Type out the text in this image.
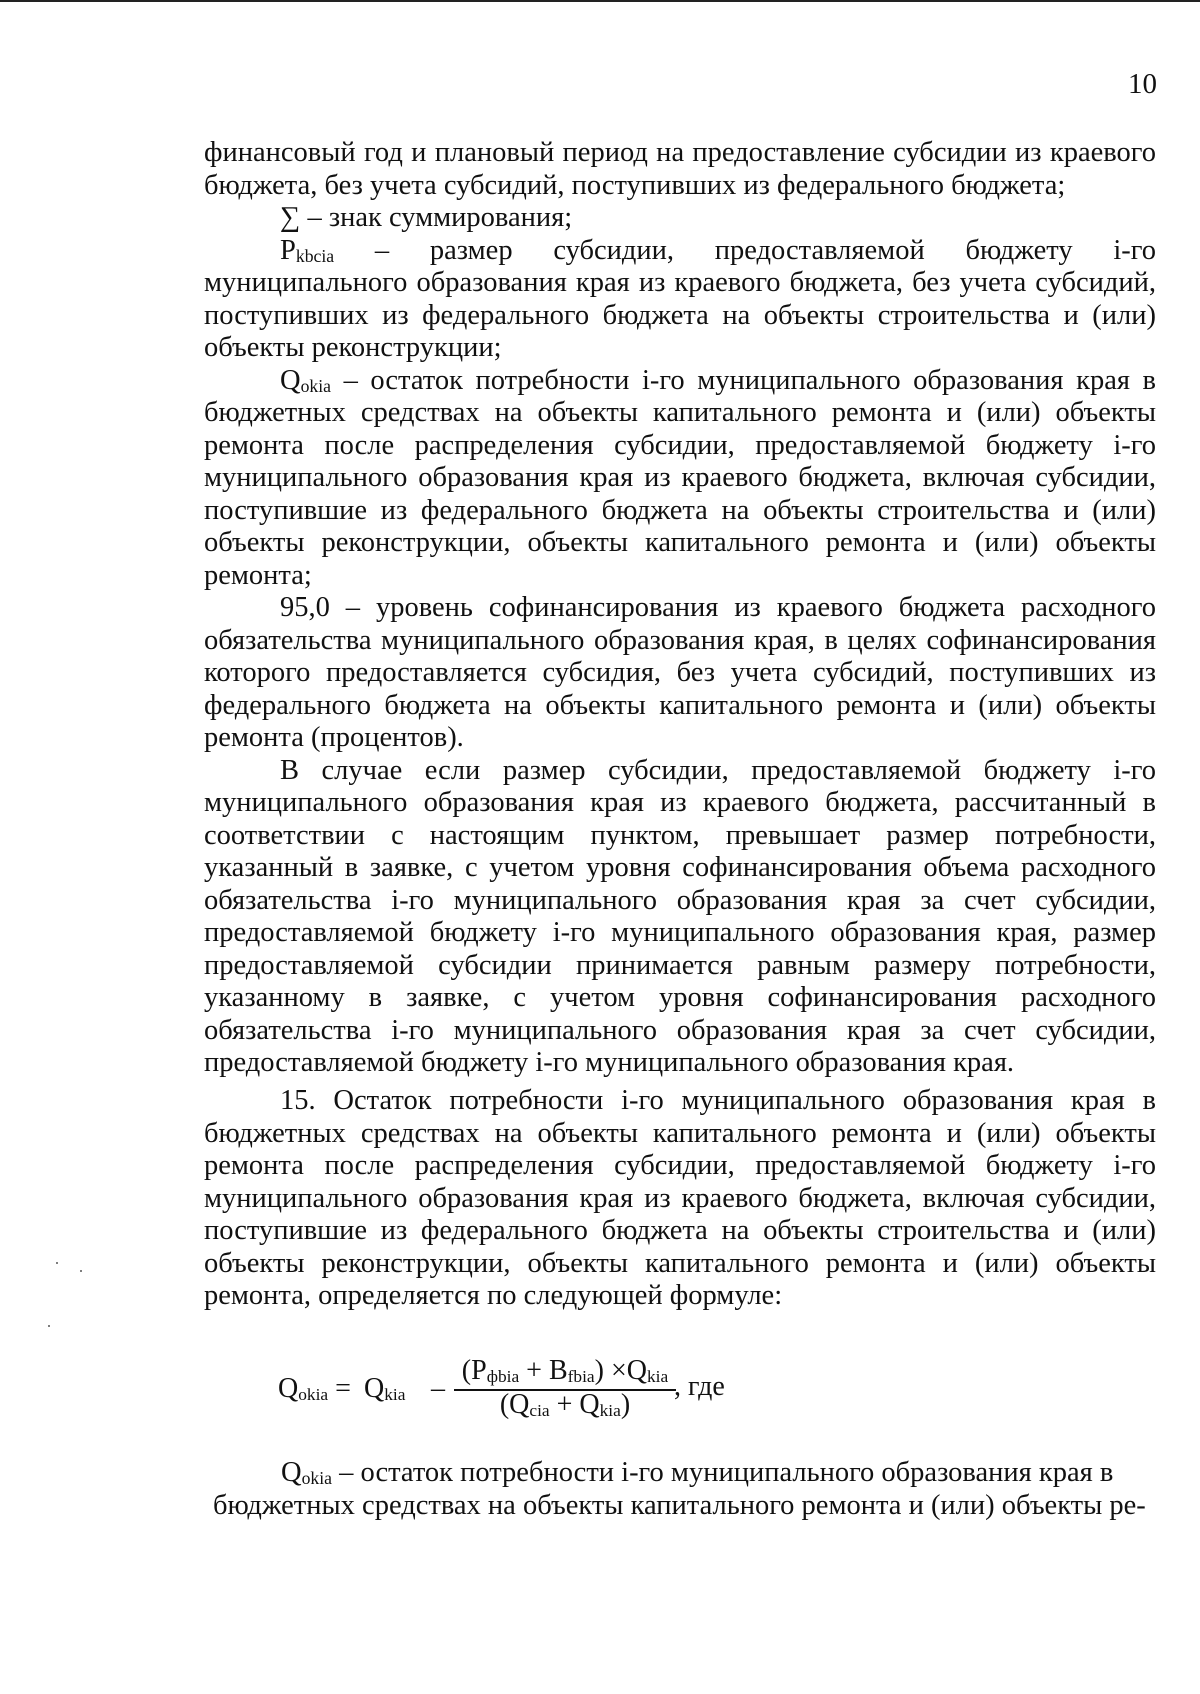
10

финансовый год и плановый период на предоставление субсидии из краевого бюджета, без учета субсидий, поступивших из федерального бюджета;

∑ – знак суммирования;

$P_{kbcia}$ – размер субсидии, предоставляемой бюджету i-го муниципального образования края из краевого бюджета, без учета субсидий, поступивших из федерального бюджета на объекты строительства и (или) объекты реконструкции;

$Q_{okia}$ – остаток потребности i-го муниципального образования края в бюджетных средствах на объекты капитального ремонта и (или) объекты ремонта после распределения субсидии, предоставляемой бюджету i-го муниципального образования края из краевого бюджета, включая субсидии, поступившие из федерального бюджета на объекты строительства и (или) объекты реконструкции, объекты капитального ремонта и (или) объекты ремонта;

95,0 – уровень софинансирования из краевого бюджета расходного обязательства муниципального образования края, в целях софинансирования которого предоставляется субсидия, без учета субсидий, поступивших из федерального бюджета на объекты капитального ремонта и (или) объекты ремонта (процентов).

В случае если размер субсидии, предоставляемой бюджету i-го муниципального образования края из краевого бюджета, рассчитанный в соответствии с настоящим пунктом, превышает размер потребности, указанный в заявке, с учетом уровня софинансирования объема расходного обязательства i-го муниципального образования края за счет субсидии, предоставляемой бюджету i-го муниципального образования края, размер предоставляемой субсидии принимается равным размеру потребности, указанному в заявке, с учетом уровня софинансирования расходного обязательства i-го муниципального образования края за счет субсидии, предоставляемой бюджету i-го муниципального образования края.

15. Остаток потребности i-го муниципального образования края в бюджетных средствах на объекты капитального ремонта и (или) объекты ремонта после распределения субсидии, предоставляемой бюджету i-го муниципального образования края из краевого бюджета, включая субсидии, поступившие из федерального бюджета на объекты строительства и (или) объекты реконструкции, объекты капитального ремонта и (или) объекты ремонта, определяется по следующей формуле:

$Q_{okia} = Q_{kia}$ –
$(P_{фbia} + B_{fbia}) \times Q_{kia}$
$(Q_{cia} + Q_{kia})$
, где

$Q_{okia}$ – остаток потребности i-го муниципального образования края в

бюджетных средствах на объекты капитального ремонта и (или) объекты ре-
